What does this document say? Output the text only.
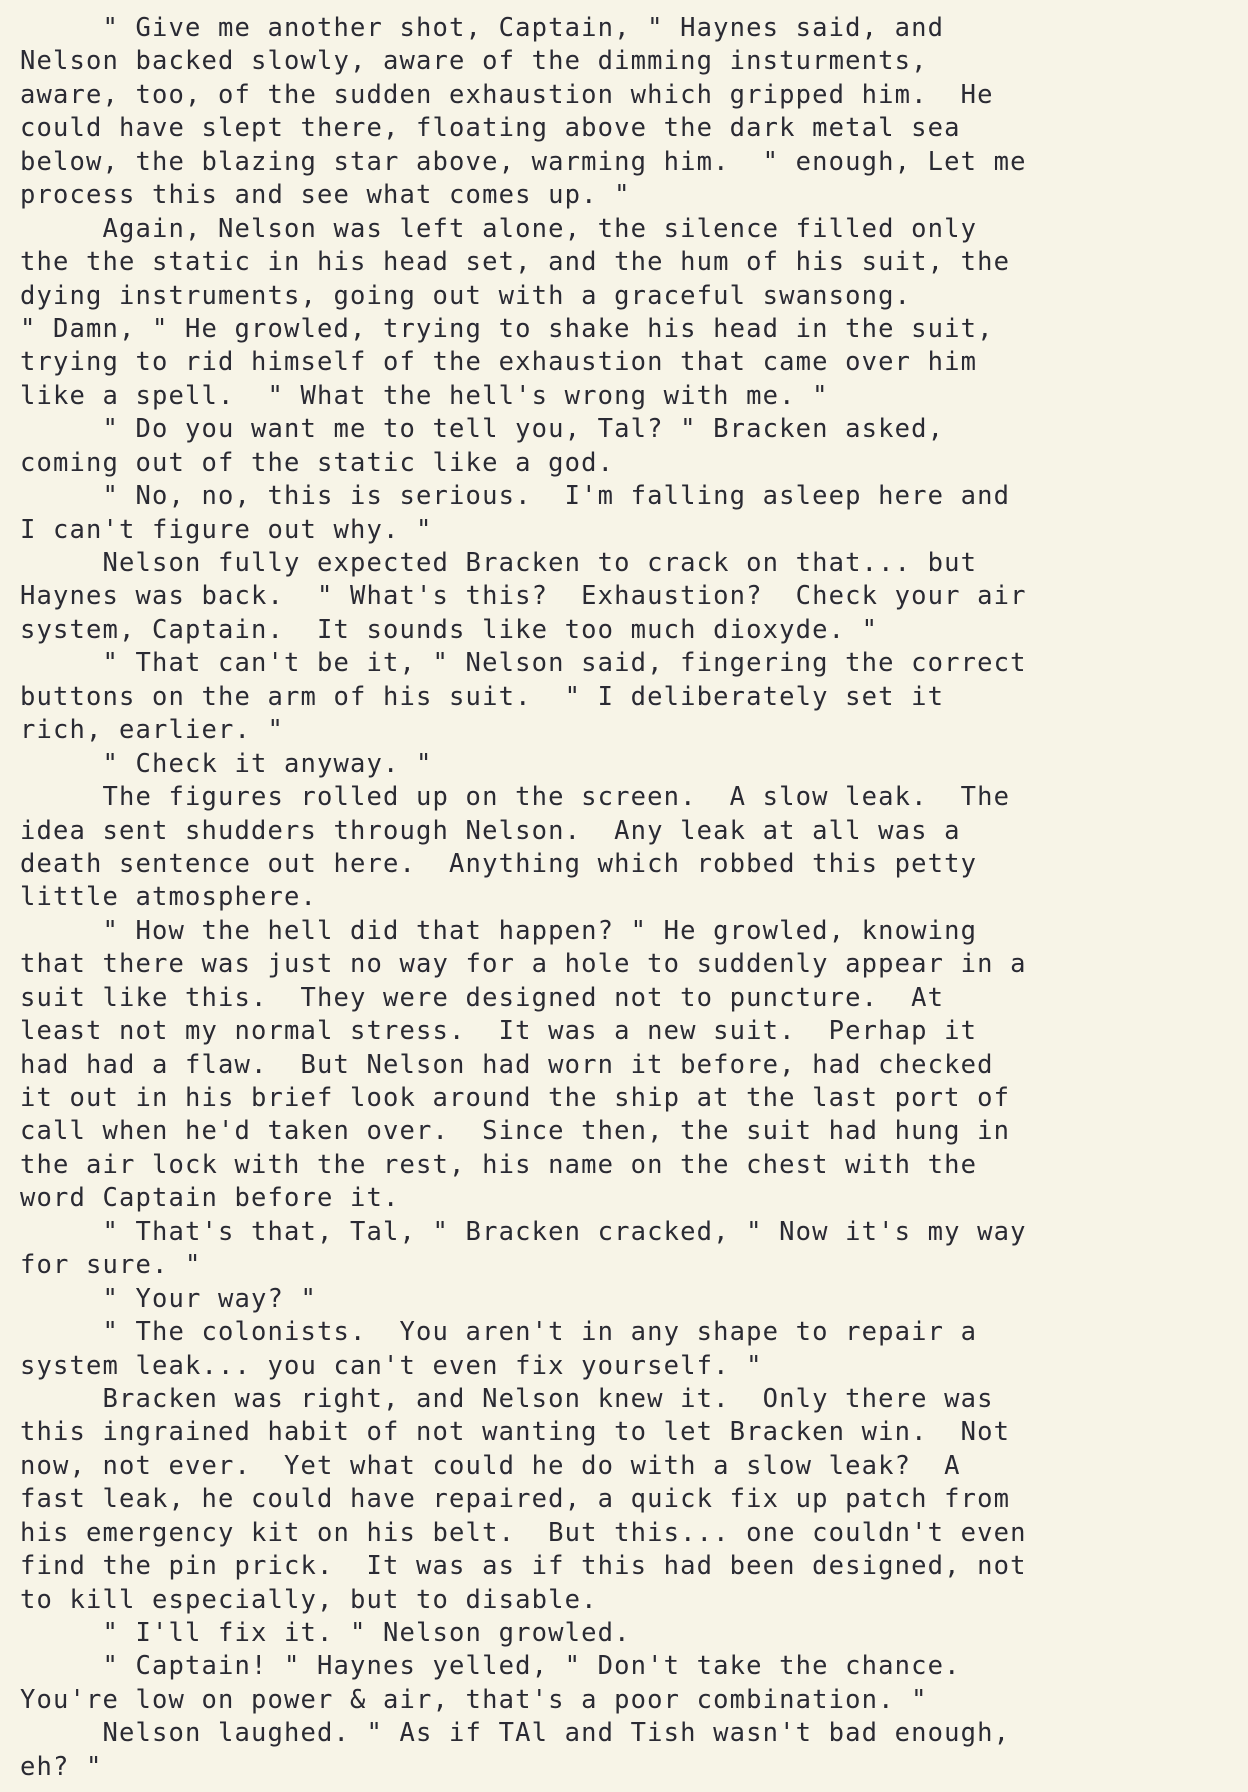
" Give me another shot, Captain, " Haynes said, and
Nelson backed slowly, aware of the dimming insturments,
aware, too, of the sudden exhaustion which gripped him.  He
could have slept there, floating above the dark metal sea
below, the blazing star above, warming him.  " enough, Let me
process this and see what comes up. "
Again, Nelson was left alone, the silence filled only
the the static in his head set, and the hum of his suit, the
dying instruments, going out with a graceful swansong.
" Damn, " He growled, trying to shake his head in the suit,
trying to rid himself of the exhaustion that came over him
like a spell.  " What the hell's wrong with me. "
" Do you want me to tell you, Tal? " Bracken asked,
coming out of the static like a god.
" No, no, this is serious.  I'm falling asleep here and
I can't figure out why. "
Nelson fully expected Bracken to crack on that... but
Haynes was back.  " What's this?  Exhaustion?  Check your air
system, Captain.  It sounds like too much dioxyde. "
" That can't be it, " Nelson said, fingering the correct
buttons on the arm of his suit.  " I deliberately set it
rich, earlier. "
" Check it anyway. "
The figures rolled up on the screen.  A slow leak.  The
idea sent shudders through Nelson.  Any leak at all was a
death sentence out here.  Anything which robbed this petty
little atmosphere.
" How the hell did that happen? " He growled, knowing
that there was just no way for a hole to suddenly appear in a
suit like this.  They were designed not to puncture.  At
least not my normal stress.  It was a new suit.  Perhap it
had had a flaw.  But Nelson had worn it before, had checked
it out in his brief look around the ship at the last port of
call when he'd taken over.  Since then, the suit had hung in
the air lock with the rest, his name on the chest with the
word Captain before it.
" That's that, Tal, " Bracken cracked, " Now it's my way
for sure. "
" Your way? "
" The colonists.  You aren't in any shape to repair a
system leak... you can't even fix yourself. "
Bracken was right, and Nelson knew it.  Only there was
this ingrained habit of not wanting to let Bracken win.  Not
now, not ever.  Yet what could he do with a slow leak?  A
fast leak, he could have repaired, a quick fix up patch from
his emergency kit on his belt.  But this... one couldn't even
find the pin prick.  It was as if this had been designed, not
to kill especially, but to disable.
" I'll fix it. " Nelson growled.
" Captain! " Haynes yelled, " Don't take the chance.
You're low on power & air, that's a poor combination. "
Nelson laughed. " As if TAl and Tish wasn't bad enough,
eh? "
